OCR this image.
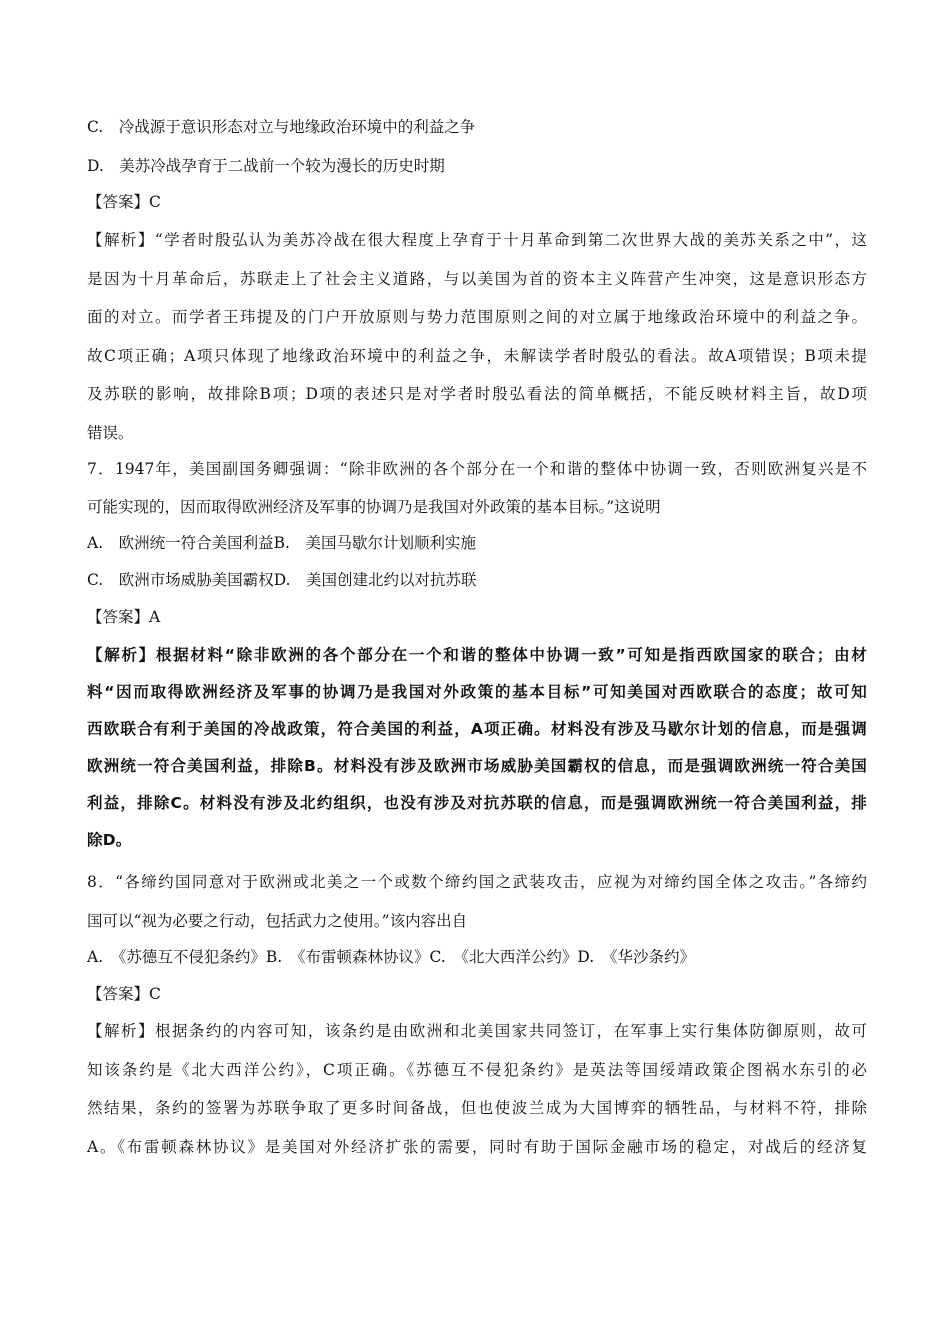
C.　冷战源于意识形态对立与地缘政治环境中的利益之争
D.　美苏冷战孕育于二战前一个较为漫长的历史时期
【答案】C
【解析】“学者时殷弘认为美苏冷战在很大程度上孕育于十月革命到第二次世界大战的美苏关系之中”，这
是因为十月革命后，苏联走上了社会主义道路，与以美国为首的资本主义阵营产生冲突，这是意识形态方
面的对立。而学者王玮提及的门户开放原则与势力范围原则之间的对立属于地缘政治环境中的利益之争。
故C项正确；A项只体现了地缘政治环境中的利益之争，未解读学者时殷弘的看法。故A项错误；B项未提
及苏联的影响，故排除B项；D项的表述只是对学者时殷弘看法的简单概括，不能反映材料主旨，故D项
错误。
7．1947年，美国副国务卿强调：“除非欧洲的各个部分在一个和谐的整体中协调一致，否则欧洲复兴是不
可能实现的，因而取得欧洲经济及军事的协调乃是我国对外政策的基本目标。”这说明
A.　欧洲统一符合美国利益B.　美国马歇尔计划顺利实施
C.　欧洲市场威胁美国霸权D.　美国创建北约以对抗苏联
【答案】A
【解析】根据材料“除非欧洲的各个部分在一个和谐的整体中协调一致”可知是指西欧国家的联合；由材
料“因而取得欧洲经济及军事的协调乃是我国对外政策的基本目标”可知美国对西欧联合的态度；故可知
西欧联合有利于美国的冷战政策，符合美国的利益，A项正确。材料没有涉及马歇尔计划的信息，而是强调
欧洲统一符合美国利益，排除B。材料没有涉及欧洲市场威胁美国霸权的信息，而是强调欧洲统一符合美国
利益，排除C。材料没有涉及北约组织，也没有涉及对抗苏联的信息，而是强调欧洲统一符合美国利益，排
除D。
8．“各缔约国同意对于欧洲或北美之一个或数个缔约国之武装攻击，应视为对缔约国全体之攻击。”各缔约
国可以“视为必要之行动，包括武力之使用。”该内容出自
A.　《苏德互不侵犯条约》B.　《布雷顿森林协议》C.　《北大西洋公约》D.　《华沙条约》
【答案】C
【解析】根据条约的内容可知，该条约是由欧洲和北美国家共同签订，在军事上实行集体防御原则，故可
知该条约是《北大西洋公约》，C项正确。《苏德互不侵犯条约》是英法等国绥靖政策企图祸水东引的必
然结果，条约的签署为苏联争取了更多时间备战，但也使波兰成为大国博弈的牺牲品，与材料不符，排除
A。《布雷顿森林协议》是美国对外经济扩张的需要，同时有助于国际金融市场的稳定，对战后的经济复
